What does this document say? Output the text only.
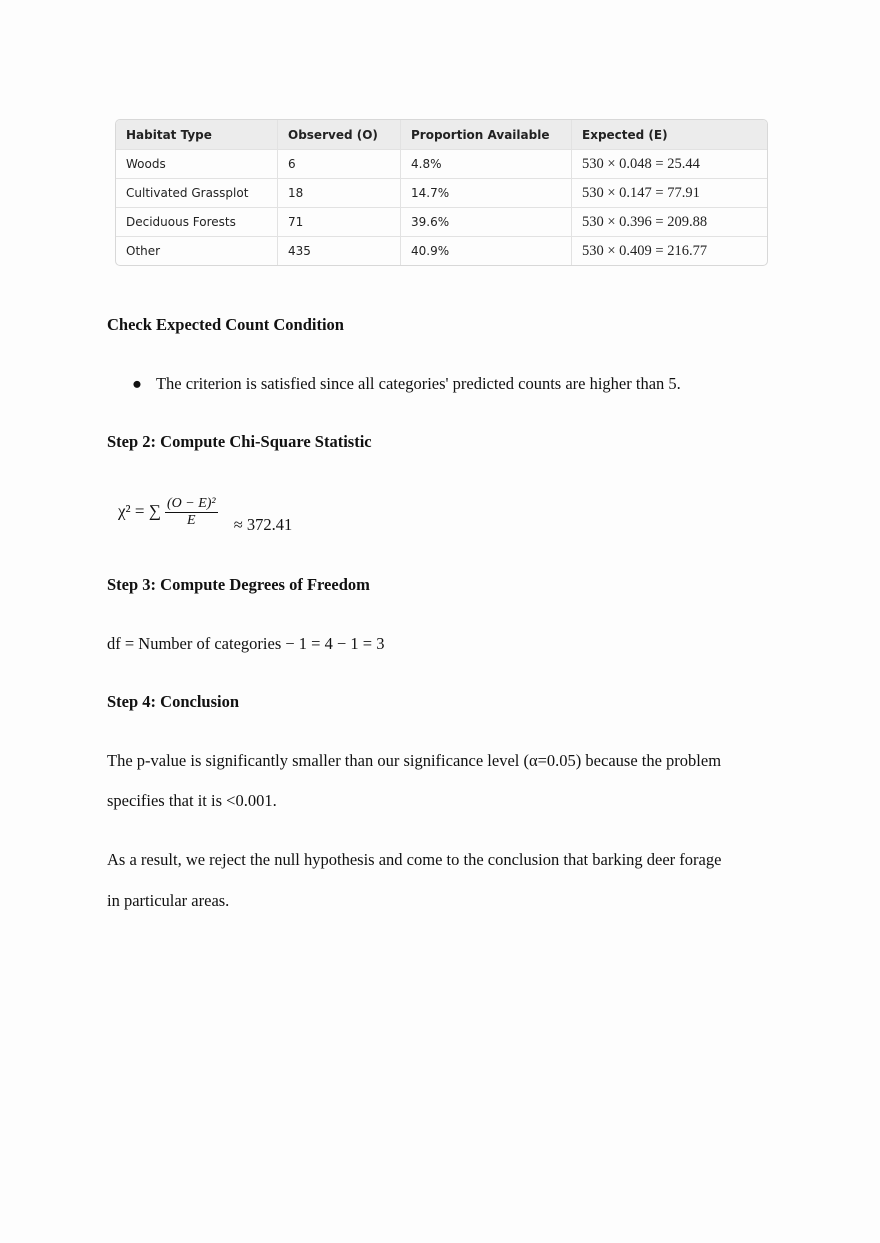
Habitat Type	Observed (O)	Proportion Available	Expected (E)
Woods	6	4.8%	530 × 0.048 = 25.44
Cultivated Grassplot	18	14.7%	530 × 0.147 = 77.91
Deciduous Forests	71	39.6%	530 × 0.396 = 209.88
Other	435	40.9%	530 × 0.409 = 216.77
Check Expected Count Condition
● The criterion is satisfied since all categories' predicted counts are higher than 5.
Step 2: Compute Chi-Square Statistic
χ² = ∑ $\frac{\text{(O − E)²}}{E} \approx 372.41$
Step 3: Compute Degrees of Freedom
df = Number of categories − 1 = 4 − 1 = 3
Step 4: Conclusion
The p-value is significantly smaller than our significance level (α=0.05) because the problem
specifies that it is <0.001.
As a result, we reject the null hypothesis and come to the conclusion that barking deer forage
in particular areas.
